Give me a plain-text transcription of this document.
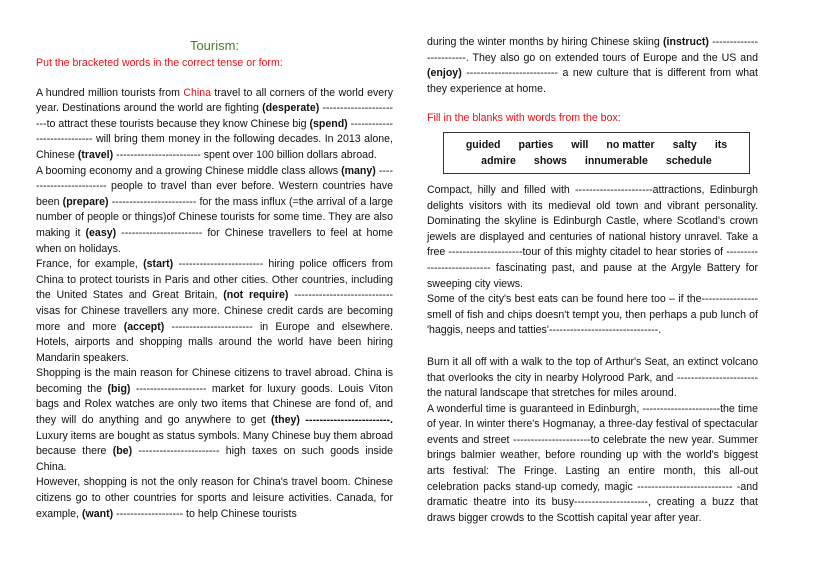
Tourism:
Put the bracketed words in the correct tense or form:

A hundred million tourists from China travel to all corners of the world every year. Destinations around the world are fighting (desperate) -----------------------to attract these tourists because they know Chinese big (spend) ---------------------------- will bring them money in the following decades. In 2013 alone, Chinese (travel) ------------------------ spent over 100 billion dollars abroad.

A booming economy and a growing Chinese middle class allows (many) ------------------------ people to travel than ever before. Western countries have been (prepare) ------------------------ for the mass influx (=the arrival of a large number of people or things)of Chinese tourists for some time. They are also making it (easy) ----------------------- for Chinese travellers to feel at home when on holidays.

France, for example, (start) ------------------------ hiring police officers from China to protect tourists in Paris and other cities. Other countries, including the United States and Great Britain, (not require) ---------------------------- visas for Chinese travellers any more. Chinese credit cards are becoming more and more (accept) ----------------------- in Europe and elsewhere. Hotels, airports and shopping malls around the world have been hiring Mandarin speakers.

Shopping is the main reason for Chinese citizens to travel abroad. China is becoming the (big) -------------------- market for luxury goods. Louis Viton bags and Rolex watches are only two items that Chinese are fond of, and they will do anything and go anywhere to get (they) ------------------------. Luxury items are bought as status symbols. Many Chinese buy them abroad because there (be) ----------------------- high taxes on such goods inside China.

However, shopping is not the only reason for China's travel boom. Chinese citizens go to other countries for sports and leisure activities. Canada, for example, (want) ------------------- to help Chinese tourists

during the winter months by hiring Chinese skiing (instruct) ------------------------. They also go on extended tours of Europe and the US and (enjoy) -------------------------- a new culture that is different from what they experience at home.

Fill in the blanks with words from the box:
guided parties will no matter salty its
admire shows innumerable schedule

Compact, hilly and filled with ----------------------attractions, Edinburgh delights visitors with its medieval old town and vibrant personality. Dominating the skyline is Edinburgh Castle, where Scotland's crown jewels are displayed and centuries of national history unravel. Take a free ---------------------tour of this mighty citadel to hear stories of --------------------------- fascinating past, and pause at the Argyle Battery for sweeping city views.

Some of the city's best eats can be found here too – if the---------------- smell of fish and chips doesn't tempt you, then perhaps a pub lunch of 'haggis, neeps and tatties'-------------------------------.

Burn it all off with a walk to the top of Arthur's Seat, an extinct volcano that overlooks the city in nearby Holyrood Park, and ----------------------- the natural landscape that stretches for miles around.

A wonderful time is guaranteed in Edinburgh, ----------------------the time of year. In winter there's Hogmanay, a three-day festival of spectacular events and street ----------------------to celebrate the new year. Summer brings balmier weather, before rounding up with the world's biggest arts festival: The Fringe. Lasting an entire month, this all-out celebration packs stand-up comedy, magic --------------------------- -and dramatic theatre into its busy---------------------, creating a buzz that draws bigger crowds to the Scottish capital year after year.
